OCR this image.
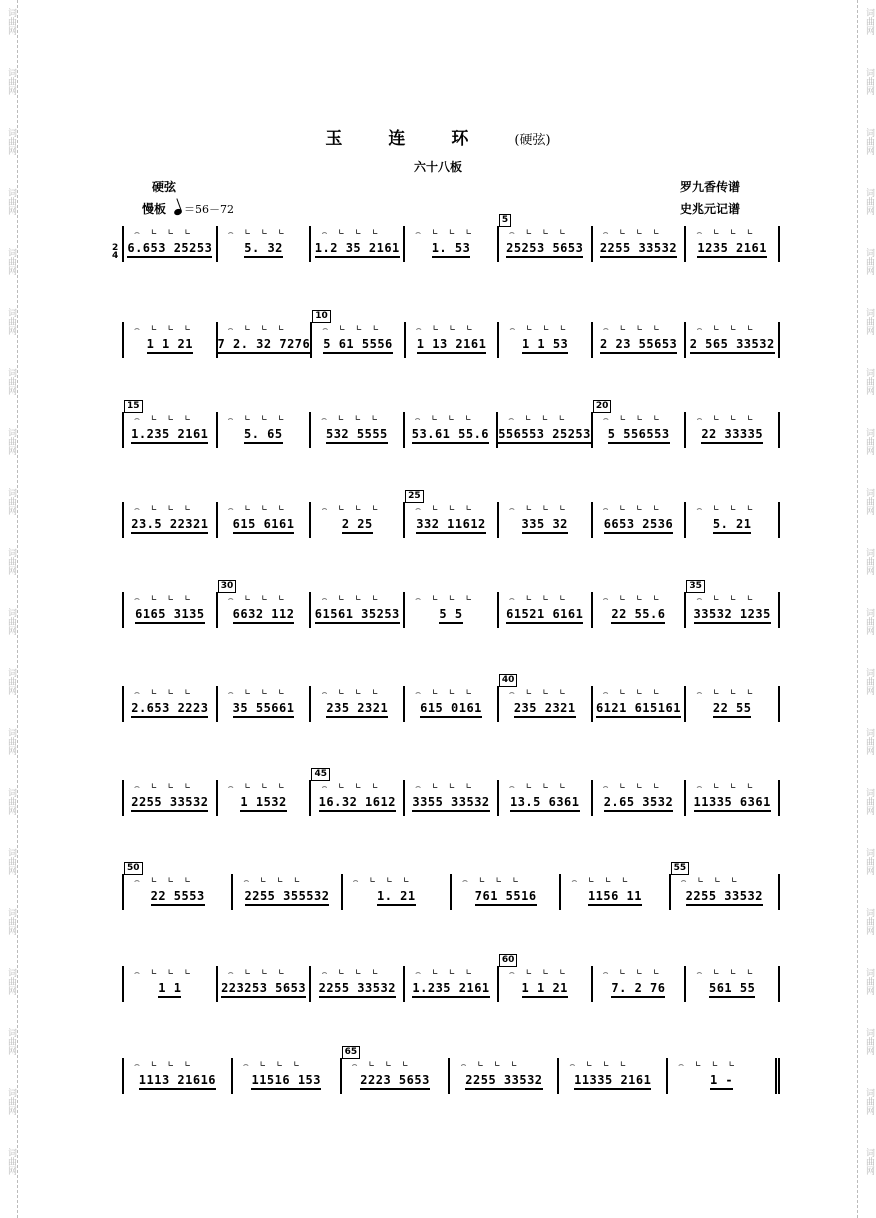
玉连环(硬弦)
六十八板
硬弦
慢板 ＝56－72
罗九香传谱
史兆元记谱
⌢ ∟ ∟ ∟
6.653 25253
⌢ ∟ ∟ ∟
5. 32
⌢ ∟ ∟ ∟
1.2 35 2161
⌢ ∟ ∟ ∟
1. 53
⌢ ∟ ∟ ∟
5
25253 5653
⌢ ∟ ∟ ∟
2255 33532
⌢ ∟ ∟ ∟
1235 2161
⌢ ∟ ∟ ∟
1 1 21
⌢ ∟ ∟ ∟
7 2. 32 7276
⌢ ∟ ∟ ∟
10
5 61 5556
⌢ ∟ ∟ ∟
1 13 2161
⌢ ∟ ∟ ∟
1 1 53
⌢ ∟ ∟ ∟
2 23 55653
⌢ ∟ ∟ ∟
2 565 33532
⌢ ∟ ∟ ∟
15
1.235 2161
⌢ ∟ ∟ ∟
5. 65
⌢ ∟ ∟ ∟
532 5555
⌢ ∟ ∟ ∟
53.61 55.6
⌢ ∟ ∟ ∟
556553 25253
⌢ ∟ ∟ ∟
20
5 556553
⌢ ∟ ∟ ∟
22 33335
⌢ ∟ ∟ ∟
23.5 22321
⌢ ∟ ∟ ∟
615 6161
⌢ ∟ ∟ ∟
2 25
⌢ ∟ ∟ ∟
25
332 11612
⌢ ∟ ∟ ∟
335 32
⌢ ∟ ∟ ∟
6653 2536
⌢ ∟ ∟ ∟
5. 21
⌢ ∟ ∟ ∟
6165 3135
⌢ ∟ ∟ ∟
30
6632 112
⌢ ∟ ∟ ∟
61561 35253
⌢ ∟ ∟ ∟
5 5
⌢ ∟ ∟ ∟
61521 6161
⌢ ∟ ∟ ∟
22 55.6
⌢ ∟ ∟ ∟
35
33532 1235
⌢ ∟ ∟ ∟
2.653 2223
⌢ ∟ ∟ ∟
35 55661
⌢ ∟ ∟ ∟
235 2321
⌢ ∟ ∟ ∟
615 0161
⌢ ∟ ∟ ∟
40
235 2321
⌢ ∟ ∟ ∟
6121 615161
⌢ ∟ ∟ ∟
22 55
⌢ ∟ ∟ ∟
2255 33532
⌢ ∟ ∟ ∟
1 1532
⌢ ∟ ∟ ∟
45
16.32 1612
⌢ ∟ ∟ ∟
3355 33532
⌢ ∟ ∟ ∟
13.5 6361
⌢ ∟ ∟ ∟
2.65 3532
⌢ ∟ ∟ ∟
11335 6361
⌢ ∟ ∟ ∟
50
22 5553
⌢ ∟ ∟ ∟
2255 355532
⌢ ∟ ∟ ∟
1. 21
⌢ ∟ ∟ ∟
761 5516
⌢ ∟ ∟ ∟
1156 11
⌢ ∟ ∟ ∟
55
2255 33532
⌢ ∟ ∟ ∟
1 1
⌢ ∟ ∟ ∟
223253 5653
⌢ ∟ ∟ ∟
2255 33532
⌢ ∟ ∟ ∟
1.235 2161
⌢ ∟ ∟ ∟
60
1 1 21
⌢ ∟ ∟ ∟
7. 2 76
⌢ ∟ ∟ ∟
561 55
⌢ ∟ ∟ ∟
1113 21616
⌢ ∟ ∟ ∟
11516 153
⌢ ∟ ∟ ∟
65
2223 5653
⌢ ∟ ∟ ∟
2255 33532
⌢ ∟ ∟ ∟
11335 2161
⌢ ∟ ∟ ∟
1 -
2
4
词曲网
词曲网
词曲网
词曲网
词曲网
词曲网
词曲网
词曲网
词曲网
词曲网
词曲网
词曲网
词曲网
词曲网
词曲网
词曲网
词曲网
词曲网
词曲网
词曲网
词曲网
词曲网
词曲网
词曲网
词曲网
词曲网
词曲网
词曲网
词曲网
词曲网
词曲网
词曲网
词曲网
词曲网
词曲网
词曲网
词曲网
词曲网
词曲网
词曲网
